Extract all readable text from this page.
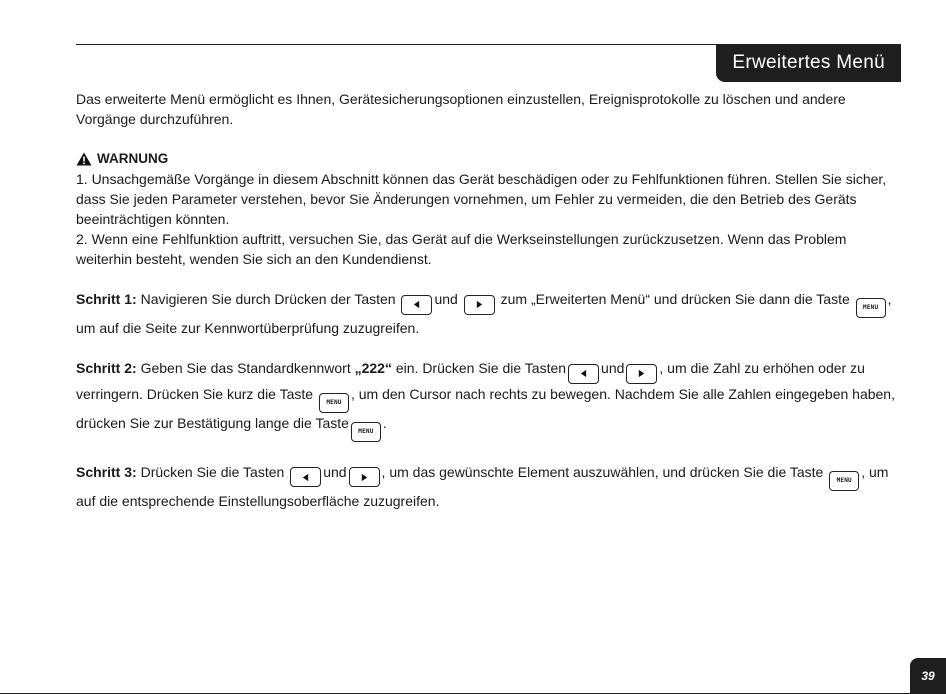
Erweitertes Menü

Das erweiterte Menü ermöglicht es Ihnen, Gerätesicherungsoptionen einzustellen, Ereignisprotokolle zu löschen und andere Vorgänge durchzuführen.

WARNUNG

1. Unsachgemäße Vorgänge in diesem Abschnitt können das Gerät beschädigen oder zu Fehlfunktionen führen. Stellen Sie sicher, dass Sie jeden Parameter verstehen, bevor Sie Änderungen vornehmen, um Fehler zu vermeiden, die den Betrieb des Geräts beeinträchtigen könnten.

2. Wenn eine Fehlfunktion auftritt, versuchen Sie, das Gerät auf die Werkseinstellungen zurückzusetzen. Wenn das Problem weiterhin besteht, wenden Sie sich an den Kundendienst.

Schritt 1: Navigieren Sie durch Drücken der Tasten	und	zum „Erweiterten Menü“ und drücken Sie dann die Taste MENU, um auf die Seite zur Kennwortüberprüfung zuzugreifen.

Schritt 2: Geben Sie das Standardkennwort „222“ ein. Drücken Sie die Tasten	und	, um die Zahl zu erhöhen oder zu verringern. Drücken Sie kurz die Taste MENU, um den Cursor nach rechts zu bewegen. Nachdem Sie alle Zahlen eingegeben haben, drücken Sie zur Bestätigung lange die TasteMENU.

Schritt 3: Drücken Sie die Tasten	und	, um das gewünschte Element auszuwählen, und drücken Sie die Taste MENU, um auf die entsprechende Einstellungsoberfläche zuzugreifen.

39
